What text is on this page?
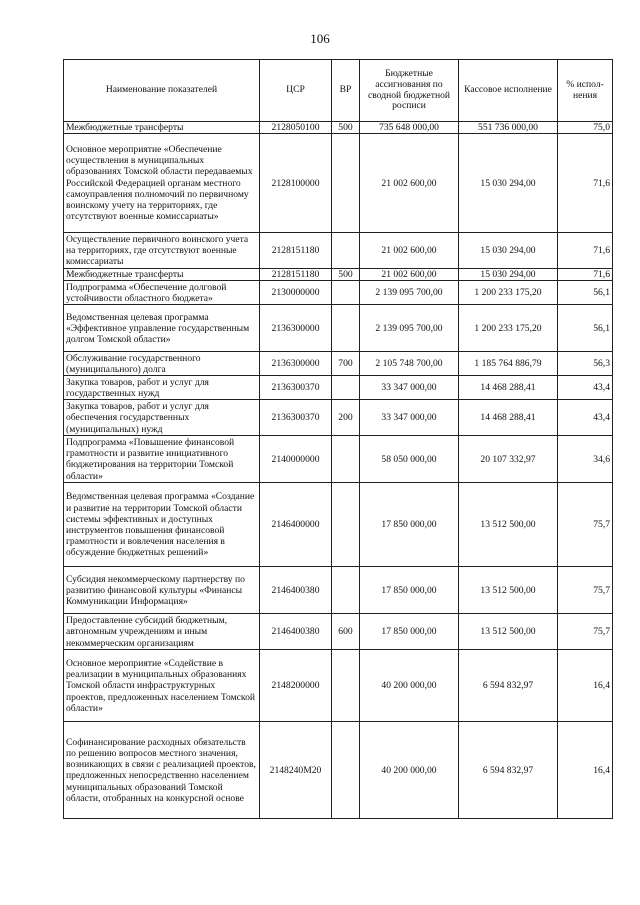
106
Наименование показателей	ЦСР	ВР	Бюджетные ассигнования по сводной бюджетной росписи	Кассовое исполнение	% испол-нения
Межбюджетные трансферты	2128050100	500	735 648 000,00	551 736 000,00	75,0
Основное мероприятие «Обеспечение осуществления в муниципальных образованиях Томской области передаваемых Российской Федерацией органам местного самоуправления полномочий по первичному воинскому учету на территориях, где отсутствуют военные комиссариаты»	2128100000		21 002 600,00	15 030 294,00	71,6
Осуществление первичного воинского учета на территориях, где отсутствуют военные комиссариаты	2128151180		21 002 600,00	15 030 294,00	71,6
Межбюджетные трансферты	2128151180	500	21 002 600,00	15 030 294,00	71,6
Подпрограмма «Обеспечение долговой устойчивости областного бюджета»	2130000000		2 139 095 700,00	1 200 233 175,20	56,1
Ведомственная целевая программа «Эффективное управление государственным долгом Томской области»	2136300000		2 139 095 700,00	1 200 233 175,20	56,1
Обслуживание государственного (муниципального) долга	2136300000	700	2 105 748 700,00	1 185 764 886,79	56,3
Закупка товаров, работ и услуг для государственных нужд	2136300370		33 347 000,00	14 468 288,41	43,4
Закупка товаров, работ и услуг для обеспечения государственных (муниципальных) нужд	2136300370	200	33 347 000,00	14 468 288,41	43,4
Подпрограмма «Повышение финансовой грамотности и развитие инициативного бюджетирования на территории Томской области»	2140000000		58 050 000,00	20 107 332,97	34,6
Ведомственная целевая программа «Создание и развитие на территории Томской области системы эффективных и доступных инструментов повышения финансовой грамотности и вовлечения населения в обсуждение бюджетных решений»	2146400000		17 850 000,00	13 512 500,00	75,7
Субсидия некоммерческому партнерству по развитию финансовой культуры «Финансы Коммуникации Информация»	2146400380		17 850 000,00	13 512 500,00	75,7
Предоставление субсидий бюджетным, автономным учреждениям и иным некоммерческим организациям	2146400380	600	17 850 000,00	13 512 500,00	75,7
Основное мероприятие «Содействие в реализации в муниципальных образованиях Томской области инфраструктурных проектов, предложенных населением Томской области»	2148200000		40 200 000,00	6 594 832,97	16,4
Софинансирование расходных обязательств по решению вопросов местного значения, возникающих в связи с реализацией проектов, предложенных непосредственно населением муниципальных образований Томской области, отобранных на конкурсной основе	2148240M20		40 200 000,00	6 594 832,97	16,4
